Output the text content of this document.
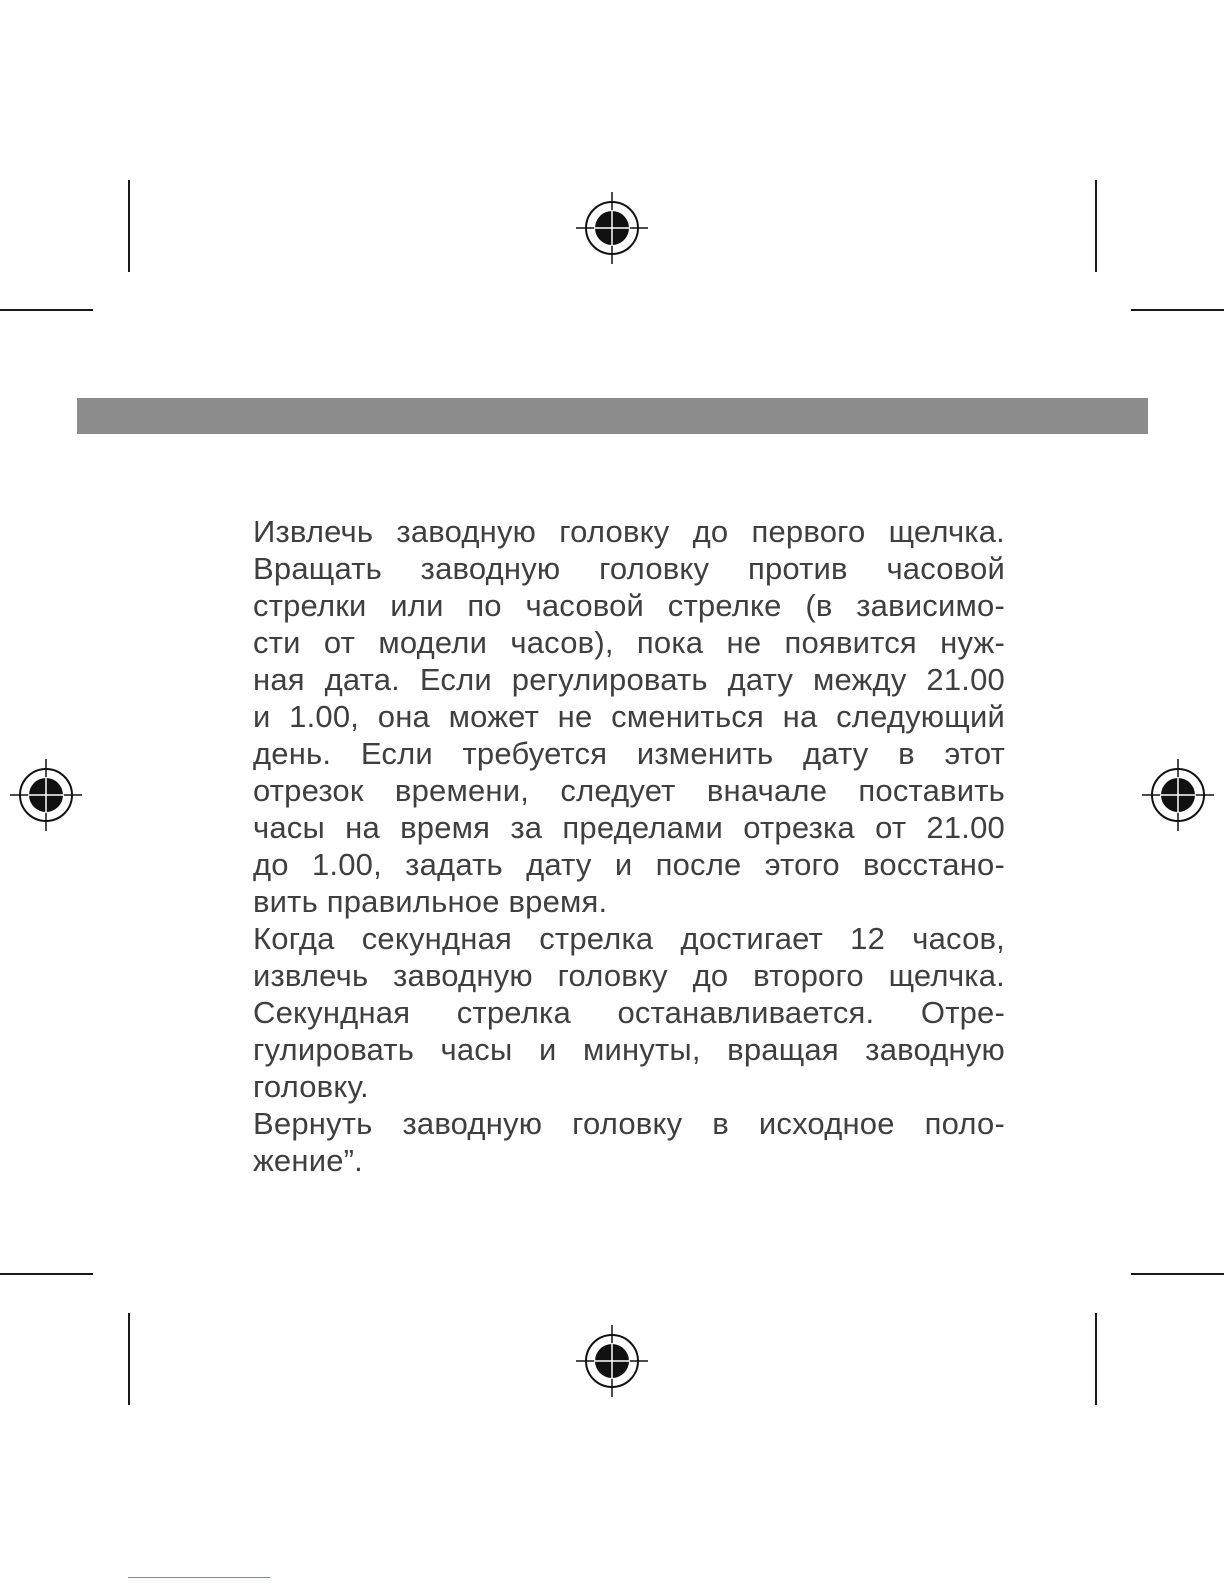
Извлечь заводную головку до первого щелчка.
Вращать заводную головку против часовой
стрелки или по часовой стрелке (в зависимо-
сти от модели часов), пока не появится нуж-
ная дата. Если регулировать дату между 21.00
и 1.00, она может не смениться на следующий
день. Если требуется изменить дату в этот
отрезок времени, следует вначале поставить
часы на время за пределами отрезка от 21.00
до 1.00, задать дату и после этого восстано-
вить правильное время.
Когда секундная стрелка достигает 12 часов,
извлечь заводную головку до второго щелчка.
Секундная стрелка останавливается. Отре-
гулировать часы и минуты, вращая заводную
головку.
Вернуть заводную головку в исходное поло-
жение”.
